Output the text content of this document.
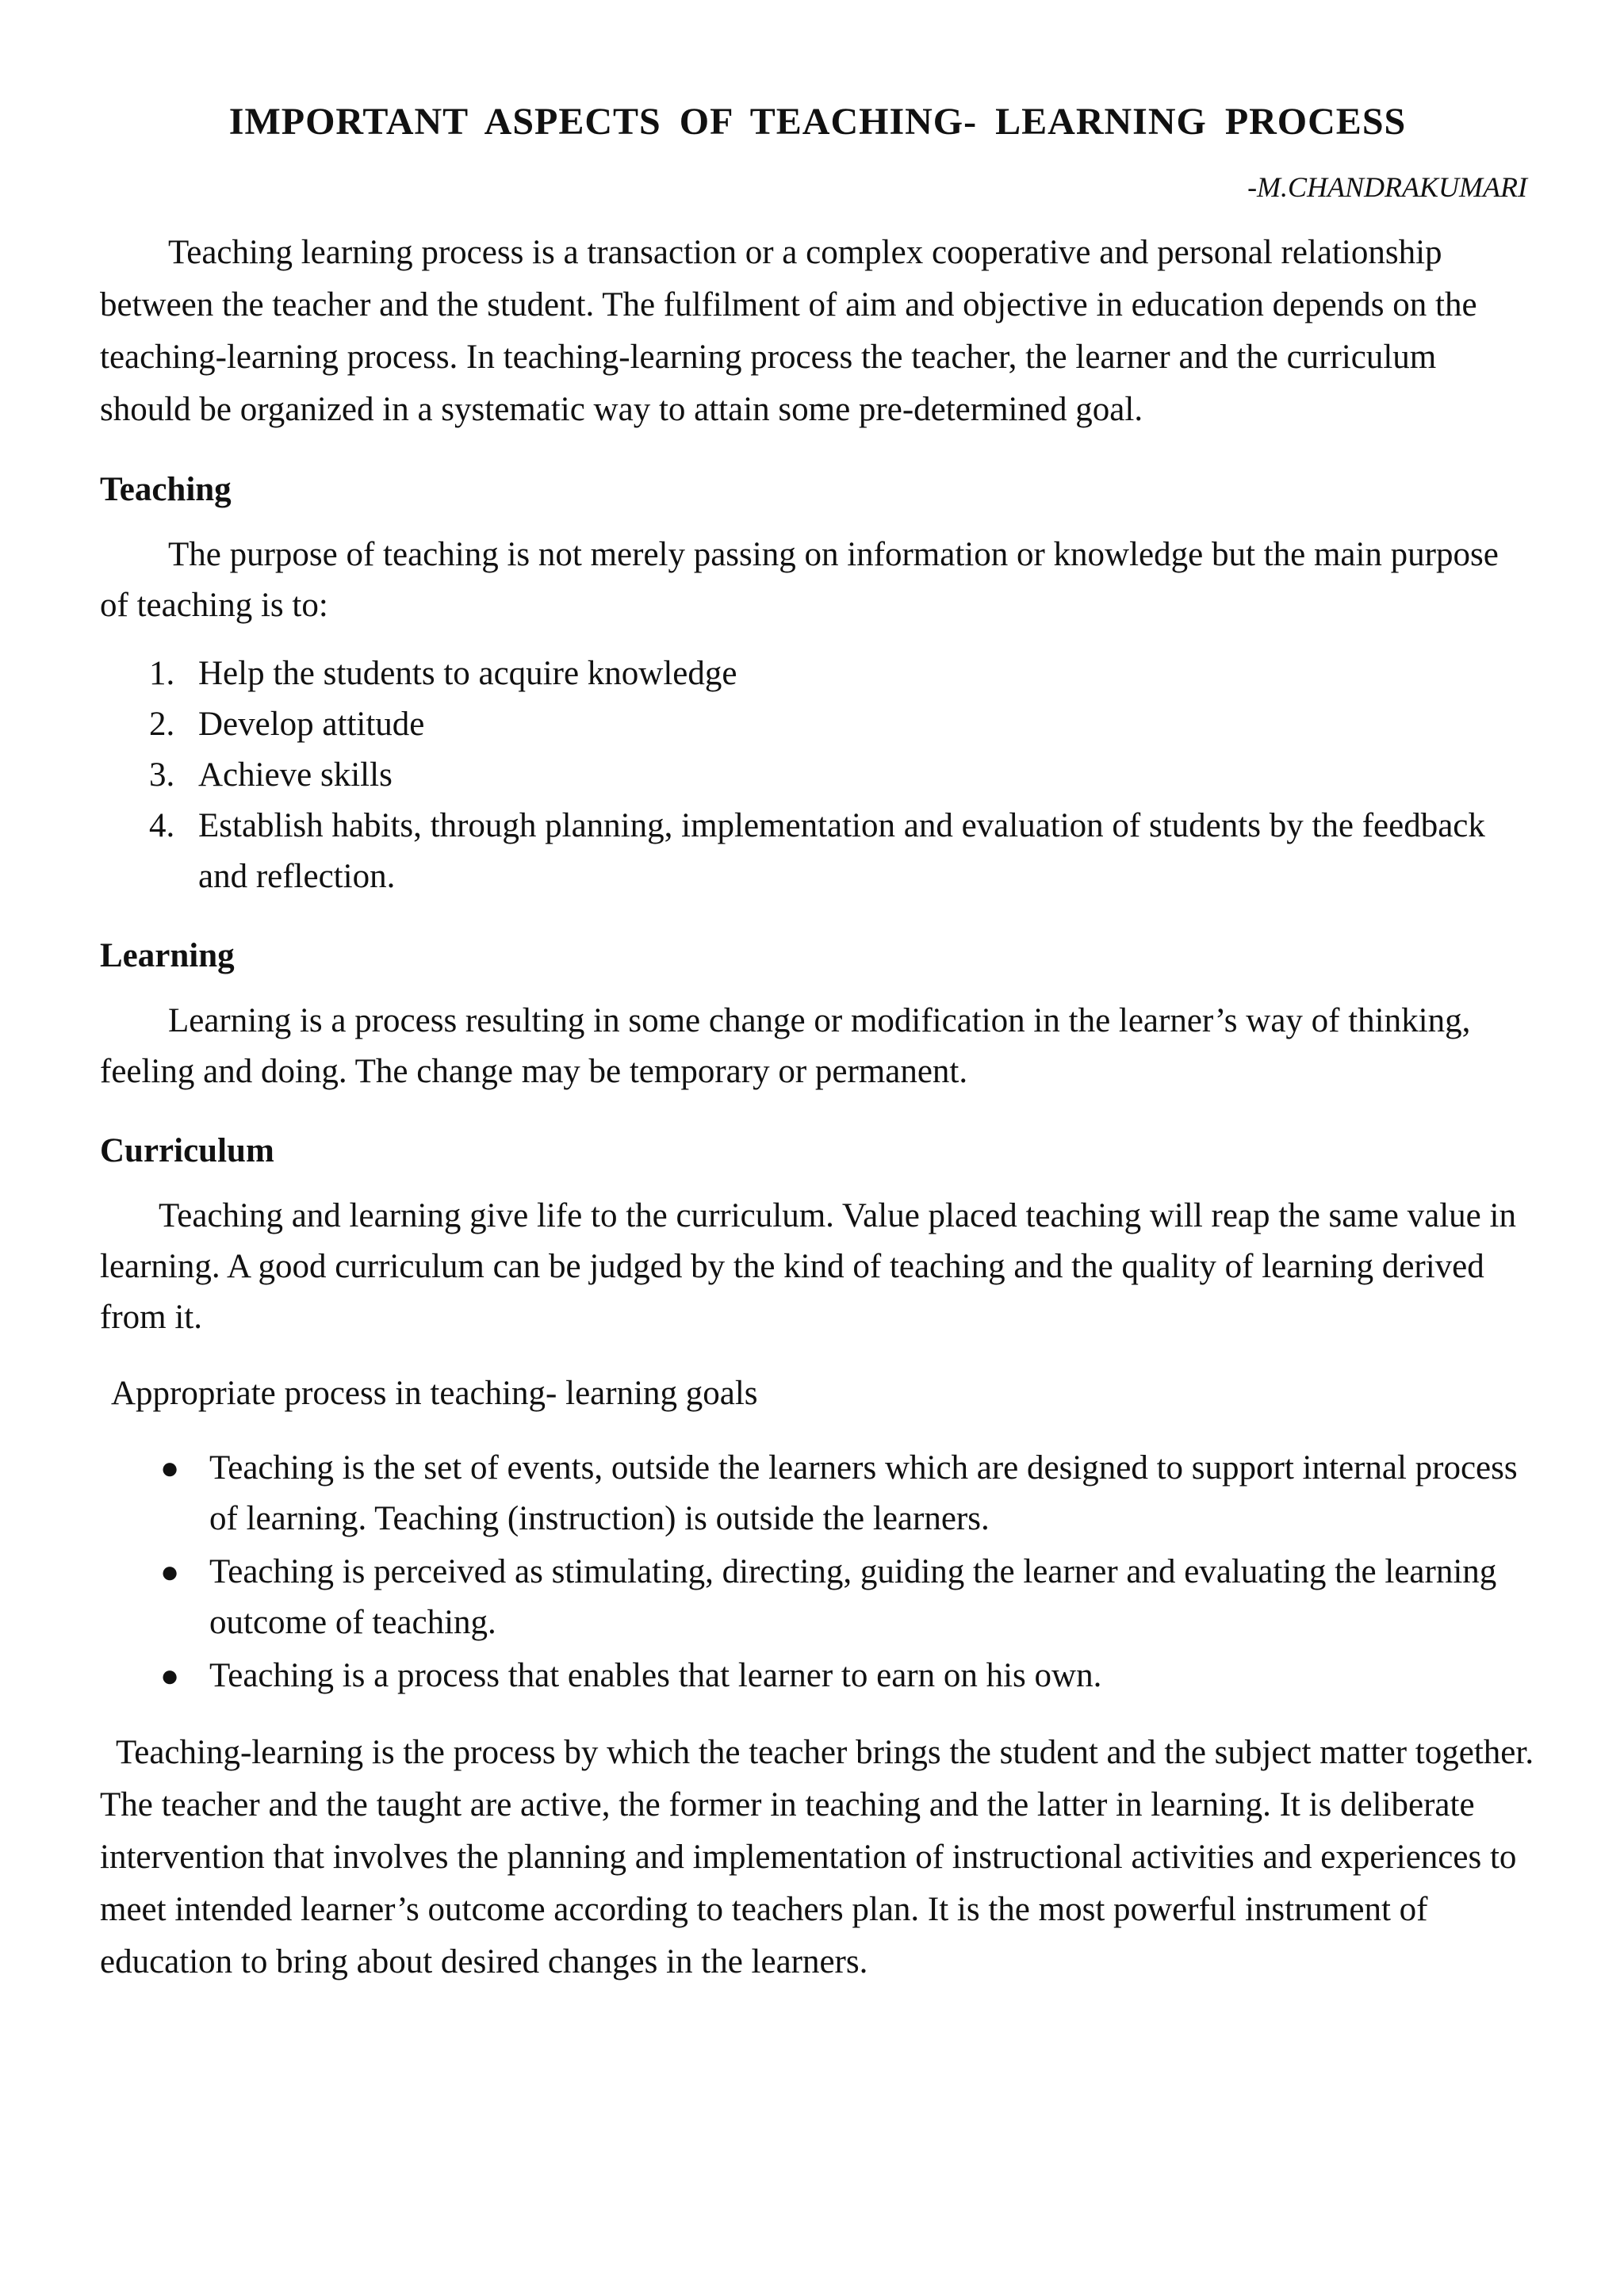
IMPORTANT ASPECTS OF TEACHING- LEARNING PROCESS
-M.CHANDRAKUMARI

Teaching learning process is a transaction or a complex cooperative and personal relationship between the teacher and the student. The fulfilment of aim and objective in education depends on the teaching-learning process. In teaching-learning process the teacher, the learner and the curriculum should be organized in a systematic way to attain some pre-determined goal.

Teaching

The purpose of teaching is not merely passing on information or knowledge but the main purpose of teaching is to:

1. Help the students to acquire knowledge
2. Develop attitude
3. Achieve skills
4. Establish habits, through planning, implementation and evaluation of students by the feedback and reflection.
Learning

Learning is a process resulting in some change or modification in the learner’s way of thinking, feeling and doing. The change may be temporary or permanent.

Curriculum

Teaching and learning give life to the curriculum. Value placed teaching will reap the same value in learning. A good curriculum can be judged by the kind of teaching and the quality of learning derived from it.

Appropriate process in teaching- learning goals

● Teaching is the set of events, outside the learners which are designed to support internal process of learning. Teaching (instruction) is outside the learners.
● Teaching is perceived as stimulating, directing, guiding the learner and evaluating the learning outcome of teaching.
● Teaching is a process that enables that learner to earn on his own.

Teaching-learning is the process by which the teacher brings the student and the subject matter together. The teacher and the taught are active, the former in teaching and the latter in learning. It is deliberate intervention that involves the planning and implementation of instructional activities and experiences to meet intended learner’s outcome according to teachers plan. It is the most powerful instrument of education to bring about desired changes in the learners.
